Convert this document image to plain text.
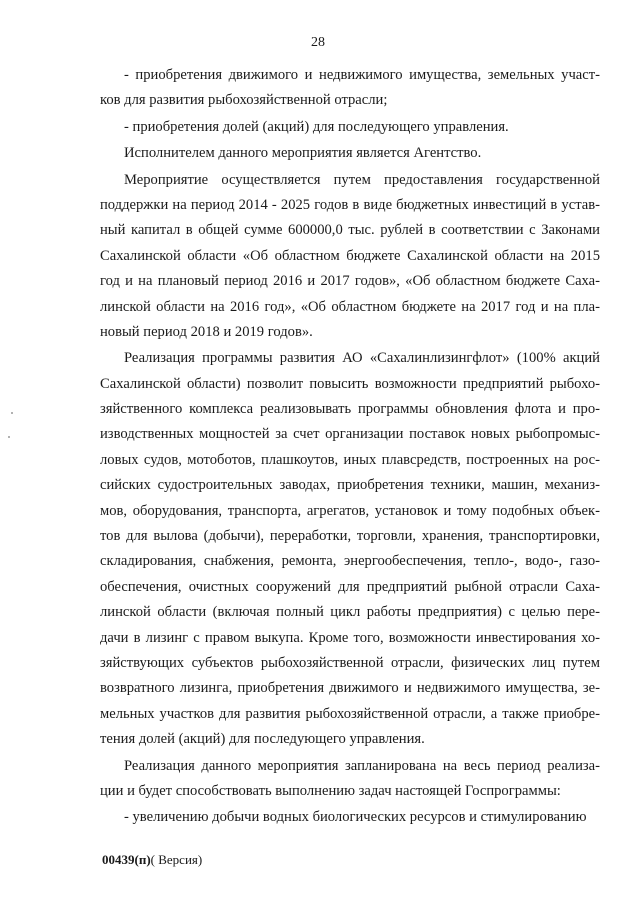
28
- приобретения движимого и недвижимого имущества, земельных участ-
ков для развития рыбохозяйственной отрасли;
- приобретения долей (акций) для последующего управления.
Исполнителем данного мероприятия является Агентство.
Мероприятие осуществляется путем предоставления государственной
поддержки на период 2014 - 2025 годов в виде бюджетных инвестиций в устав-
ный капитал в общей сумме 600000,0 тыс. рублей в соответствии с Законами
Сахалинской области «Об областном бюджете Сахалинской области на 2015
год и на плановый период 2016 и 2017 годов», «Об областном бюджете Саха-
линской области на 2016 год», «Об областном бюджете на 2017 год и на пла-
новый период 2018 и 2019 годов».
Реализация программы развития АО «Сахалинлизингфлот» (100% акций
Сахалинской области) позволит повысить возможности предприятий рыбохо-
зяйственного комплекса реализовывать программы обновления флота и про-
изводственных мощностей за счет организации поставок новых рыбопромыс-
ловых судов, мотоботов, плашкоутов, иных плавсредств, построенных на рос-
сийских судостроительных заводах, приобретения техники, машин, механиз-
мов, оборудования, транспорта, агрегатов, установок и тому подобных объек-
тов для вылова (добычи), переработки, торговли, хранения, транспортировки,
складирования, снабжения, ремонта, энергообеспечения, тепло-, водо-, газо-
обеспечения, очистных сооружений для предприятий рыбной отрасли Саха-
линской области (включая полный цикл работы предприятия) с целью пере-
дачи в лизинг с правом выкупа. Кроме того, возможности инвестирования хо-
зяйствующих субъектов рыбохозяйственной отрасли, физических лиц путем
возвратного лизинга, приобретения движимого и недвижимого имущества, зе-
мельных участков для развития рыбохозяйственной отрасли, а также приобре-
тения долей (акций) для последующего управления.
Реализация данного мероприятия запланирована на весь период реализа-
ции и будет способствовать выполнению задач настоящей Госпрограммы:
- увеличению добычи водных биологических ресурсов и стимулированию
00439(п)( Версия)
